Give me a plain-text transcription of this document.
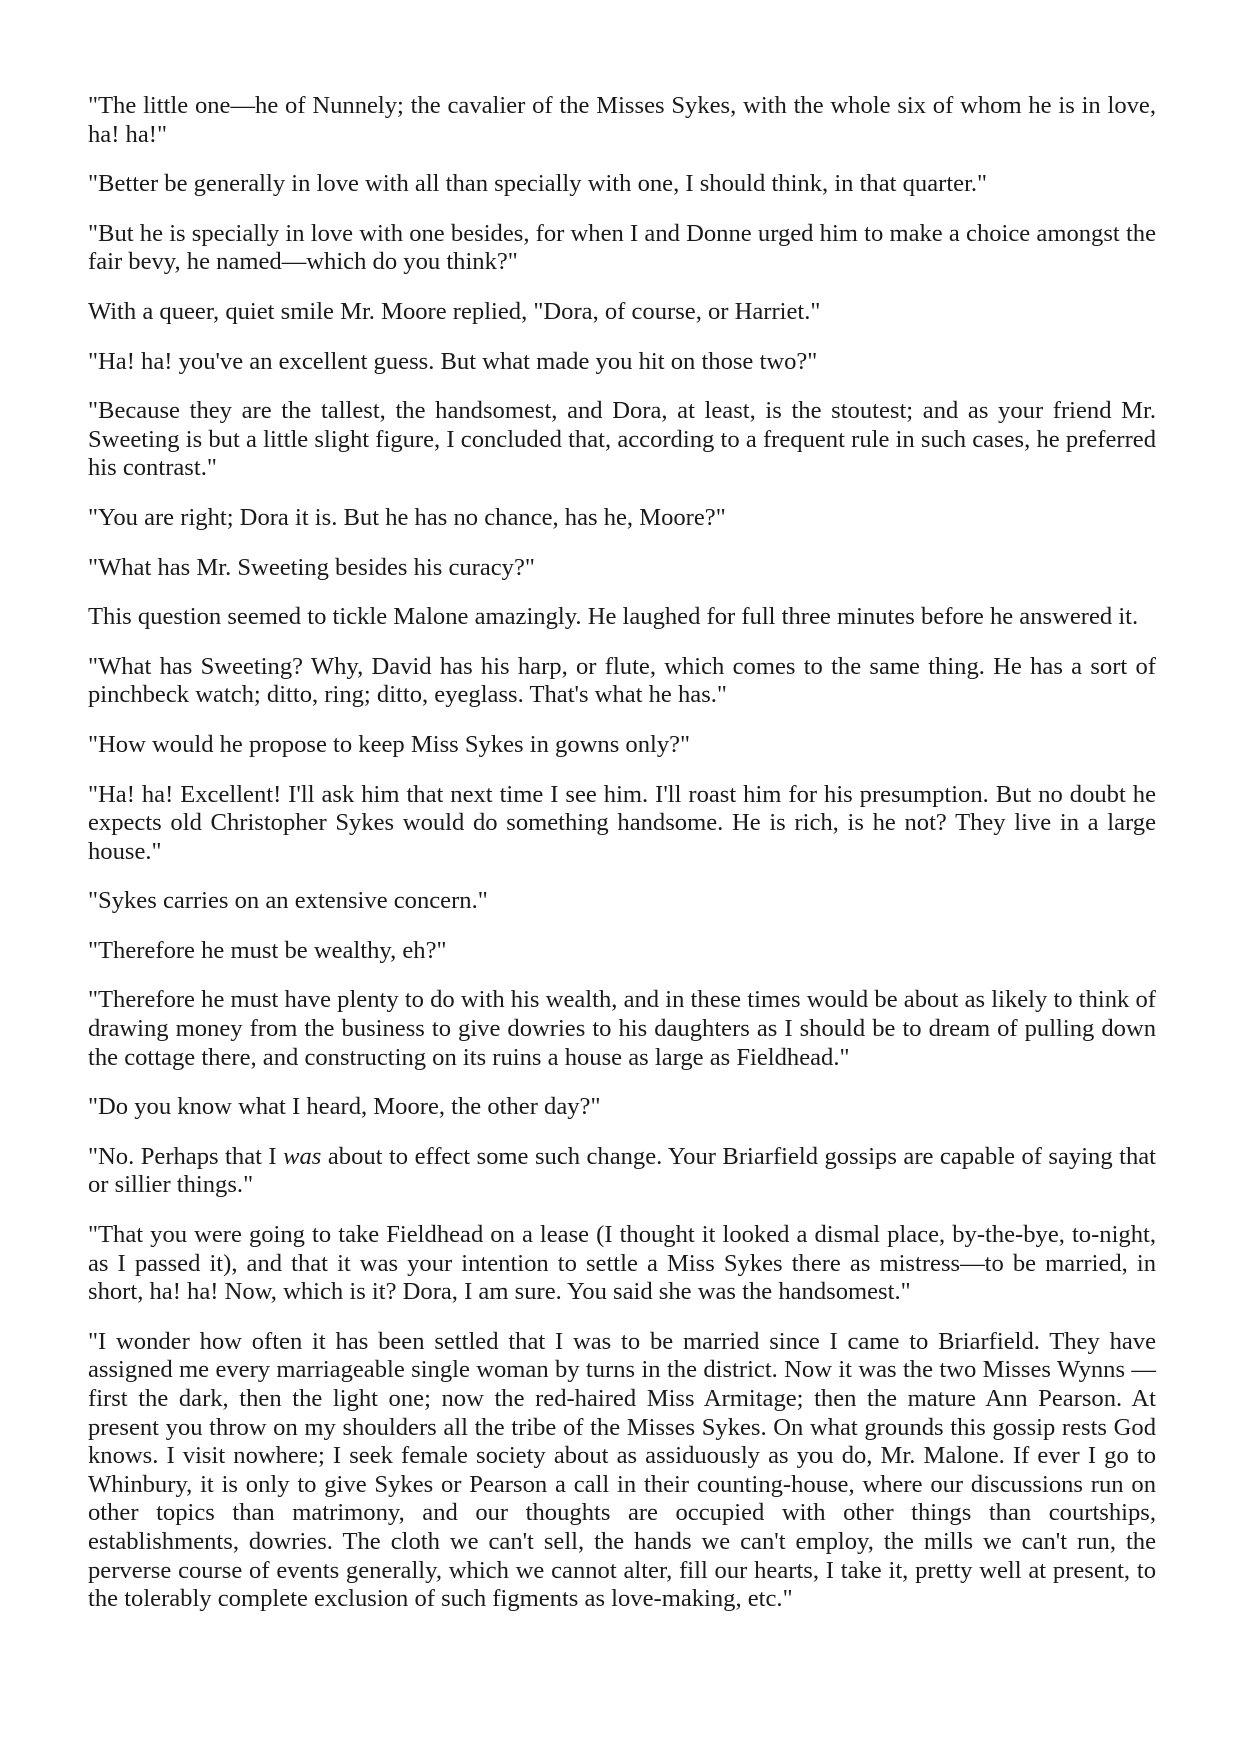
"The little one—he of Nunnely; the cavalier of the Misses Sykes, with the whole six of whom he is in love, ha! ha!"

"Better be generally in love with all than specially with one, I should think, in that quarter."

"But he is specially in love with one besides, for when I and Donne urged him to make a choice amongst the fair bevy, he named—which do you think?"

With a queer, quiet smile Mr. Moore replied, "Dora, of course, or Harriet."

"Ha! ha! you've an excellent guess. But what made you hit on those two?"

"Because they are the tallest, the handsomest, and Dora, at least, is the stoutest; and as your friend Mr. Sweeting is but a little slight figure, I concluded that, according to a frequent rule in such cases, he preferred his contrast."

"You are right; Dora it is. But he has no chance, has he, Moore?"

"What has Mr. Sweeting besides his curacy?"

This question seemed to tickle Malone amazingly. He laughed for full three minutes before he answered it.

"What has Sweeting? Why, David has his harp, or flute, which comes to the same thing. He has a sort of pinchbeck watch; ditto, ring; ditto, eyeglass. That's what he has."

"How would he propose to keep Miss Sykes in gowns only?"

"Ha! ha! Excellent! I'll ask him that next time I see him. I'll roast him for his presumption. But no doubt he expects old Christopher Sykes would do something handsome. He is rich, is he not? They live in a large house."

"Sykes carries on an extensive concern."

"Therefore he must be wealthy, eh?"

"Therefore he must have plenty to do with his wealth, and in these times would be about as likely to think of drawing money from the business to give dowries to his daughters as I should be to dream of pulling down the cottage there, and constructing on its ruins a house as large as Fieldhead."

"Do you know what I heard, Moore, the other day?"

"No. Perhaps that I was about to effect some such change. Your Briarfield gossips are capable of saying that or sillier things."

"That you were going to take Fieldhead on a lease (I thought it looked a dismal place, by-the-bye, to-night, as I passed it), and that it was your intention to settle a Miss Sykes there as mistress—to be married, in short, ha! ha! Now, which is it? Dora, I am sure. You said she was the handsomest."

"I wonder how often it has been settled that I was to be married since I came to Briarfield. They have assigned me every marriageable single woman by turns in the district. Now it was the two Misses Wynns —first the dark, then the light one; now the red-haired Miss Armitage; then the mature Ann Pearson. At present you throw on my shoulders all the tribe of the Misses Sykes. On what grounds this gossip rests God knows. I visit nowhere; I seek female society about as assiduously as you do, Mr. Malone. If ever I go to Whinbury, it is only to give Sykes or Pearson a call in their counting-house, where our discussions run on other topics than matrimony, and our thoughts are occupied with other things than courtships, establishments, dowries. The cloth we can't sell, the hands we can't employ, the mills we can't run, the perverse course of events generally, which we cannot alter, fill our hearts, I take it, pretty well at present, to the tolerably complete exclusion of such figments as love-making, etc."
